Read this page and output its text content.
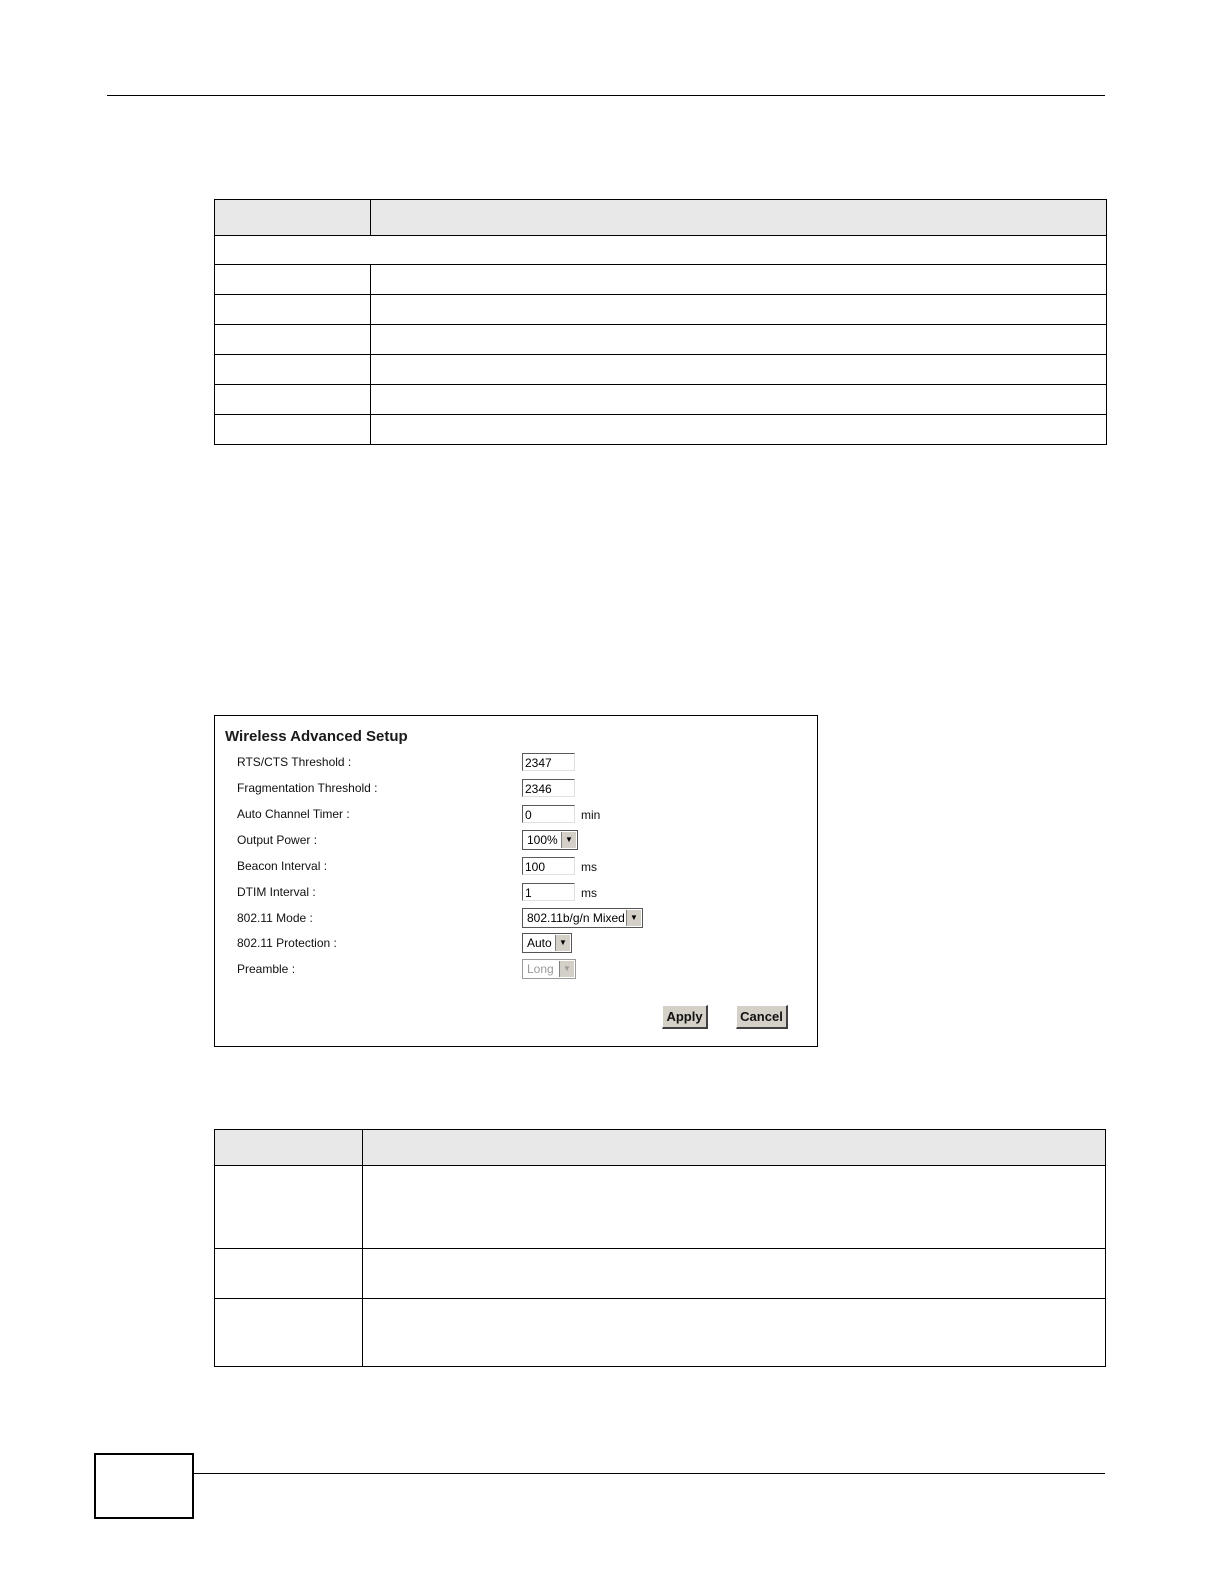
Wireless Advanced Setup
RTS/CTS Threshold :	2347
Fragmentation Threshold :	2346
Auto Channel Timer :	0	min
Output Power :	100% ▼
Beacon Interval :	100	ms
DTIM Interval :	1	ms
802.11 Mode :	802.11b/g/n Mixed ▼
802.11 Protection :	Auto ▼
Preamble :	Long	▼
Apply	Cancel
